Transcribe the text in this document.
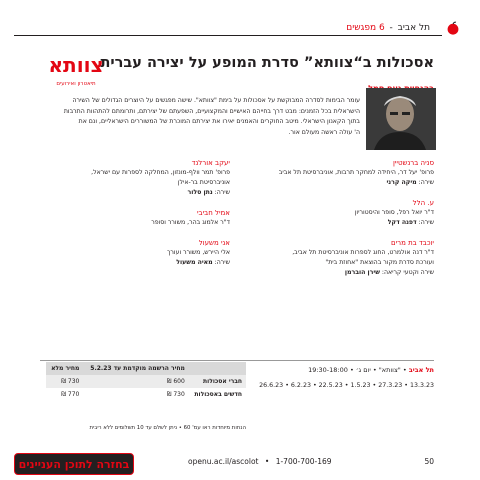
תל אביב - 6 מפגשים
צוותא
תיאטרון ואירועים
אסכולות ב“צוותא” סדרת המופע על יצירה עברית

עומר הבימות לסדרה המבוקשת על אסכולות על בימת "צוותא". שישה מפגשים על היוצרים הגדולים של השירה

הישראלית בכל הזמנים: מבט דרך בחייהם האישיים והמקצועיים, השפעתם של יצירתם, ותרומתם להתהוות התרבות

בתוך הקאנון הישראלי. מיטב החוקרים והאמנים יאירו את יצירתם המוכרת של המשוררים הישראליים, ונם את

ה' עולה ראשה מעולם אור.

סניה ברנשטיין
פרופ' יעל דר, היחידה למחקר תרבות, אוניברסיטת תל אביב
שירה: מיקה קרני
ע. הלל
ד"ר יואל רפל, סופר והיסטוריון
שירה: דפנה דקל
יוכבד בת מרים
ד"ר דנה אולמרט, החוג לספרות אוניברסיטת תל אביב,
ועורכת סדרת מקור בהוצאת "אחוזת בית"
שירה וקטעי קריאה: שירן הוברמן
יעקב אורלנד
פרופ' תמר וולף-מונזון, המחלקה לספרות עם ישראל,
אוניברסיטת בר-אילן
שירה: נתן סלור
אמיל חביבי
ד"ר אלמוג בהר, משורר וסופר
אני משעול
אלי היירש, משורר ועורך
שירה: מאיה משעול
תל אביב • "צוותא" • יום ג׳ • 19:30-18:00
13.3.23 • 27.3.23 • 1.5.23 • 22.5.23 • 6.2.23 • 26.6.23
	מחיר הרשמה מוקדמת עד 5.2.23	מחיר מלא
חברי אסכולות	600 ₪	730 ₪
חדשים באסכולות	730 ₪	770 ₪
הנחות מיוחדות ראו עמ' 60 • ניתן לשלם עד 10 תשלומים ללא ריבית
בחזרה לתוכן העניינים	openu.ac.il/ascolot • 1-700-700-169	50
